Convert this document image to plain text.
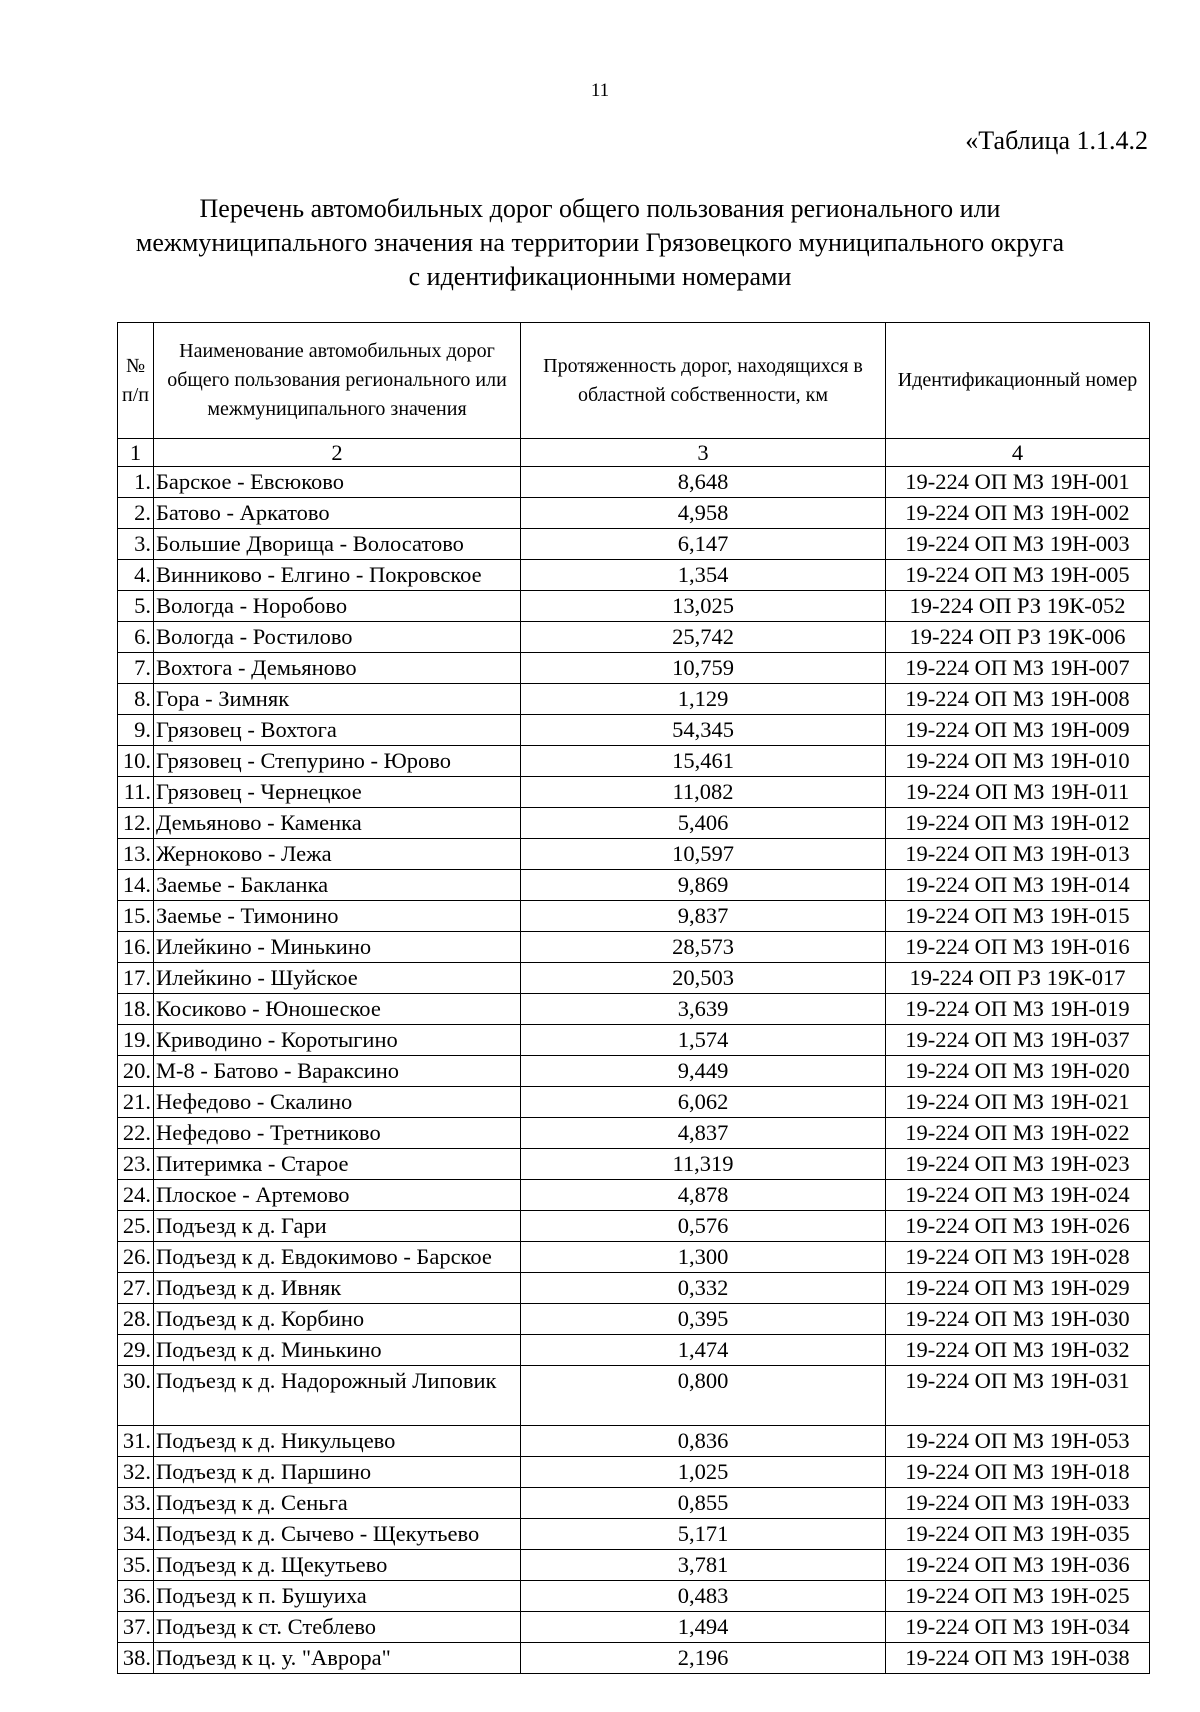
11
«Таблица 1.1.4.2
Перечень автомобильных дорог общего пользования регионального или
межмуниципального значения на территории Грязовецкого муниципального округа
с идентификационными номерами
№ п/п	Наименование автомобильных дорог общего пользования регионального или межмуниципального значения	Протяженность дорог, находящихся в областной собственности, км	Идентификационный номер
1	2	3	4
1.	Барское - Евсюково	8,648	19-224 ОП МЗ 19Н-001
2.	Батово - Аркатово	4,958	19-224 ОП МЗ 19Н-002
3.	Большие Дворища - Волосатово	6,147	19-224 ОП МЗ 19Н-003
4.	Винниково - Елгино - Покровское	1,354	19-224 ОП МЗ 19Н-005
5.	Вологда - Норобово	13,025	19-224 ОП РЗ 19К-052
6.	Вологда - Ростилово	25,742	19-224 ОП РЗ 19К-006
7.	Вохтога - Демьяново	10,759	19-224 ОП МЗ 19Н-007
8.	Гора - Зимняк	1,129	19-224 ОП МЗ 19Н-008
9.	Грязовец - Вохтога	54,345	19-224 ОП МЗ 19Н-009
10.	Грязовец - Степурино - Юрово	15,461	19-224 ОП МЗ 19Н-010
11.	Грязовец - Чернецкое	11,082	19-224 ОП МЗ 19Н-011
12.	Демьяново - Каменка	5,406	19-224 ОП МЗ 19Н-012
13.	Жерноково - Лежа	10,597	19-224 ОП МЗ 19Н-013
14.	Заемье - Бакланка	9,869	19-224 ОП МЗ 19Н-014
15.	Заемье - Тимонино	9,837	19-224 ОП МЗ 19Н-015
16.	Илейкино - Минькино	28,573	19-224 ОП МЗ 19Н-016
17.	Илейкино - Шуйское	20,503	19-224 ОП РЗ 19К-017
18.	Косиково - Юношеское	3,639	19-224 ОП МЗ 19Н-019
19.	Криводино - Коротыгино	1,574	19-224 ОП МЗ 19Н-037
20.	М-8 - Батово - Вараксино	9,449	19-224 ОП МЗ 19Н-020
21.	Нефедово - Скалино	6,062	19-224 ОП МЗ 19Н-021
22.	Нефедово - Третниково	4,837	19-224 ОП МЗ 19Н-022
23.	Питеримка - Старое	11,319	19-224 ОП МЗ 19Н-023
24.	Плоское - Артемово	4,878	19-224 ОП МЗ 19Н-024
25.	Подъезд к д. Гари	0,576	19-224 ОП МЗ 19Н-026
26.	Подъезд к д. Евдокимово - Барское	1,300	19-224 ОП МЗ 19Н-028
27.	Подъезд к д. Ивняк	0,332	19-224 ОП МЗ 19Н-029
28.	Подъезд к д. Корбино	0,395	19-224 ОП МЗ 19Н-030
29.	Подъезд к д. Минькино	1,474	19-224 ОП МЗ 19Н-032
30.	Подъезд к д. Надорожный Липовик	0,800	19-224 ОП МЗ 19Н-031
31.	Подъезд к д. Никульцево	0,836	19-224 ОП МЗ 19Н-053
32.	Подъезд к д. Паршино	1,025	19-224 ОП МЗ 19Н-018
33.	Подъезд к д. Сеньга	0,855	19-224 ОП МЗ 19Н-033
34.	Подъезд к д. Сычево - Щекутьево	5,171	19-224 ОП МЗ 19Н-035
35.	Подъезд к д. Щекутьево	3,781	19-224 ОП МЗ 19Н-036
36.	Подъезд к п. Бушуиха	0,483	19-224 ОП МЗ 19Н-025
37.	Подъезд к ст. Стеблево	1,494	19-224 ОП МЗ 19Н-034
38.	Подъезд к ц. у. "Аврора"	2,196	19-224 ОП МЗ 19Н-038
